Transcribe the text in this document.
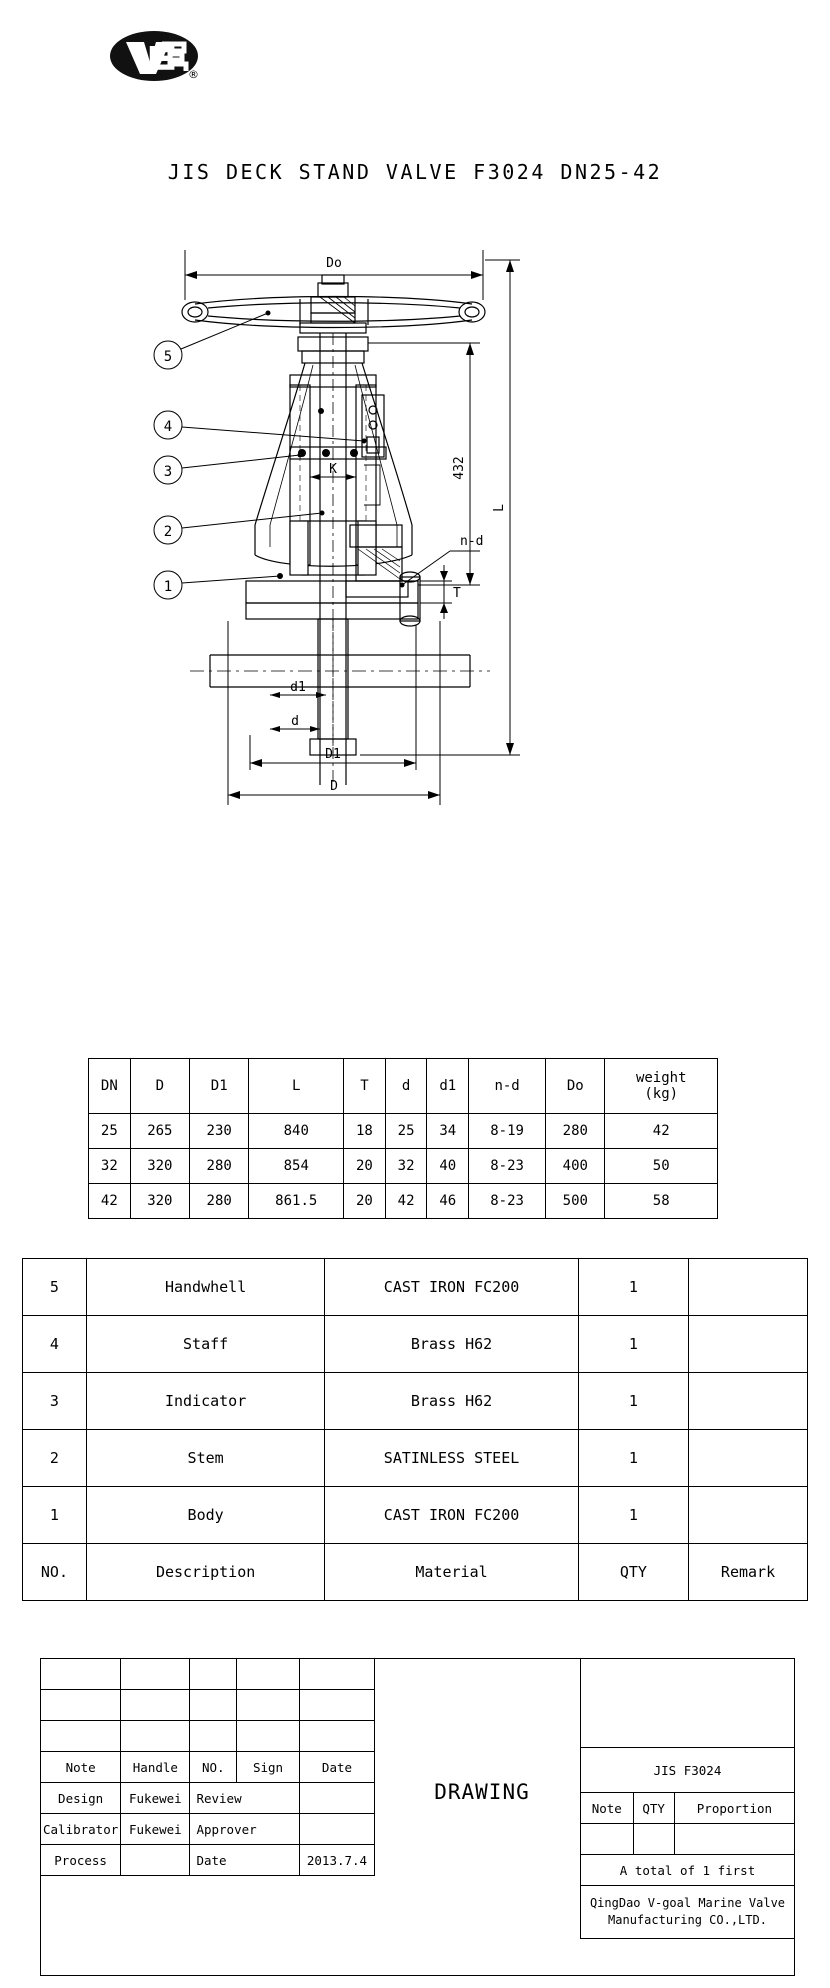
®
JIS DECK STAND VALVE F3024 DN25-42
Do
K
d1
d
D1
D
432
L
T
n-d
5
4
3
2
1
DN	D	D1	L	T	d	d1	n-d	Do	weight
(kg)
25	265	230	840	18	25	34	8-19	280	42
32	320	280	854	20	32	40	8-23	400	50
42	320	280	861.5	20	42	46	8-23	500	58
5	Handwhell	CAST IRON FC200	1	
4	Staff	Brass H62	1	
3	Indicator	Brass H62	1	
2	Stem	SATINLESS STEEL	1	
1	Body	CAST IRON FC200	1	
NO.	Description	Material	QTY	Remark

Note	Handle	NO.	Sign	Date
Design	Fukewei	Review		
Calibrator	Fukewei	Approver		
Process		Date		2013.7.4
DRAWING

JIS F3024		
Note	QTY	Proportion

A total of 1 first		
QingDao V-goal Marine Valve
Manufacturing CO.,LTD.		
